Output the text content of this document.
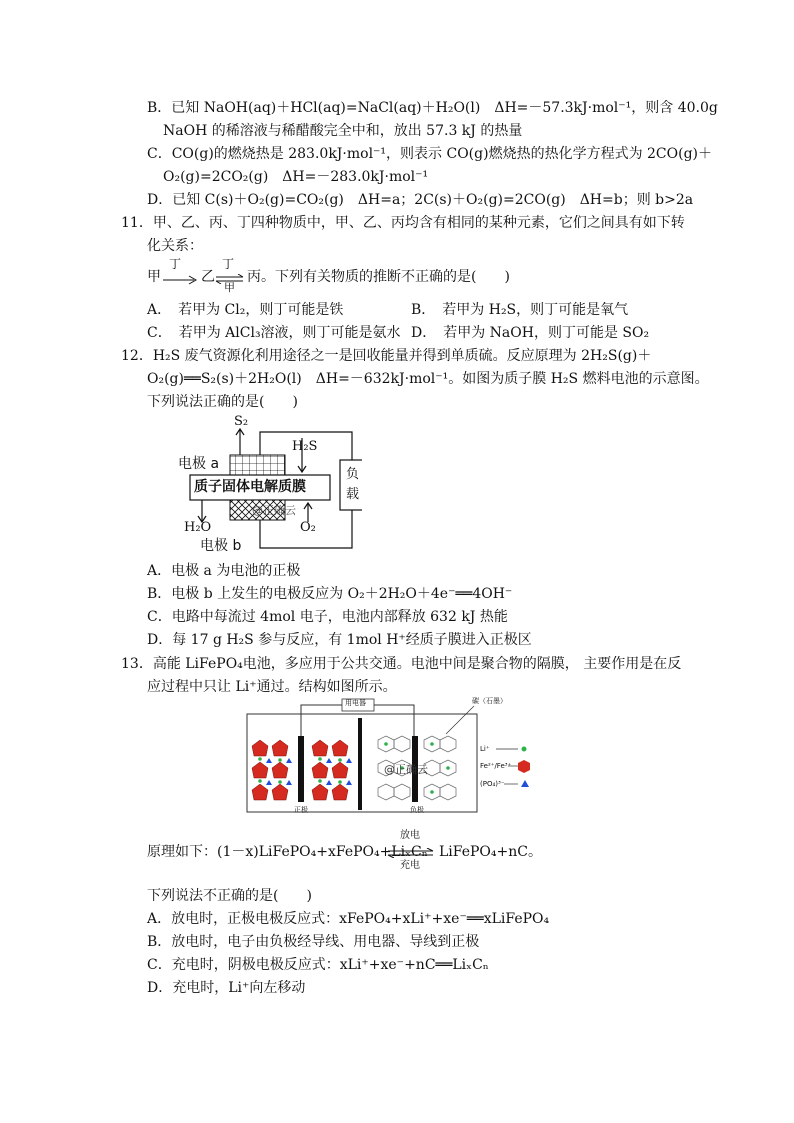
B．已知 NaOH(aq)＋HCl(aq)=NaCl(aq)＋H₂O(l)　ΔH=－57.3kJ·mol⁻¹，则含 40.0g
NaOH 的稀溶液与稀醋酸完全中和，放出 57.3 kJ 的热量
C．CO(g)的燃烧热是 283.0kJ·mol⁻¹，则表示 CO(g)燃烧热的热化学方程式为 2CO(g)＋
O₂(g)=2CO₂(g)　ΔH=－283.0kJ·mol⁻¹
D．已知 C(s)＋O₂(g)=CO₂(g)　ΔH=a；2C(s)＋O₂(g)=2CO(g)　ΔH=b；则 b>2a
11．甲、乙、丙、丁四种物质中，甲、乙、丙均含有相同的某种元素，它们之间具有如下转
化关系：
甲
丁
乙
丁
甲
丙。下列有关物质的推断不正确的是(　　)
A．　若甲为 Cl₂，则丁可能是铁	B．　若甲为 H₂S，则丁可能是氧气
C．　若甲为 AlCl₃溶液，则丁可能是氨水 D．　若甲为 NaOH，则丁可能是 SO₂
12．H₂S 废气资源化利用途径之一是回收能量并得到单质硫。反应原理为 2H₂S(g)＋
O₂(g)══S₂(s)＋2H₂O(l)　ΔH=－632kJ·mol⁻¹。如图为质子膜 H₂S 燃料电池的示意图。
下列说法正确的是(　　)
S₂
H₂S
电极 a
质子固体电解质膜
负
载
H₂O	O₂
电极 b
@正确云
A．电极 a 为电池的正极
B．电极 b 上发生的电极反应为 O₂＋2H₂O＋4e⁻══4OH⁻
C．电路中每流过 4mol 电子，电池内部释放 632 kJ 热能
D．每 17 g H₂S 参与反应，有 1mol H⁺经质子膜进入正极区
13．高能 LiFePO₄电池，多应用于公共交通。电池中间是聚合物的隔膜， 主要作用是在反
应过程中只让 Li⁺通过。结构如图所示。
用电器	碳（石墨）
正极	负极
Li⁺
Fe²⁺/Fe³⁺
(PO₄)³⁻
@正确云
原理如下：(1－x)LiFePO₄+xFePO₄+LiₓCₙ
放电
充电
LiFePO₄+nC。
下列说法不正确的是(　　)
A．放电时，正极电极反应式：xFePO₄+xLi⁺+xe⁻══xLiFePO₄
B．放电时，电子由负极经导线、用电器、导线到正极
C．充电时，阴极电极反应式：xLi⁺+xe⁻+nC══LiₓCₙ
D．充电时，Li⁺向左移动
